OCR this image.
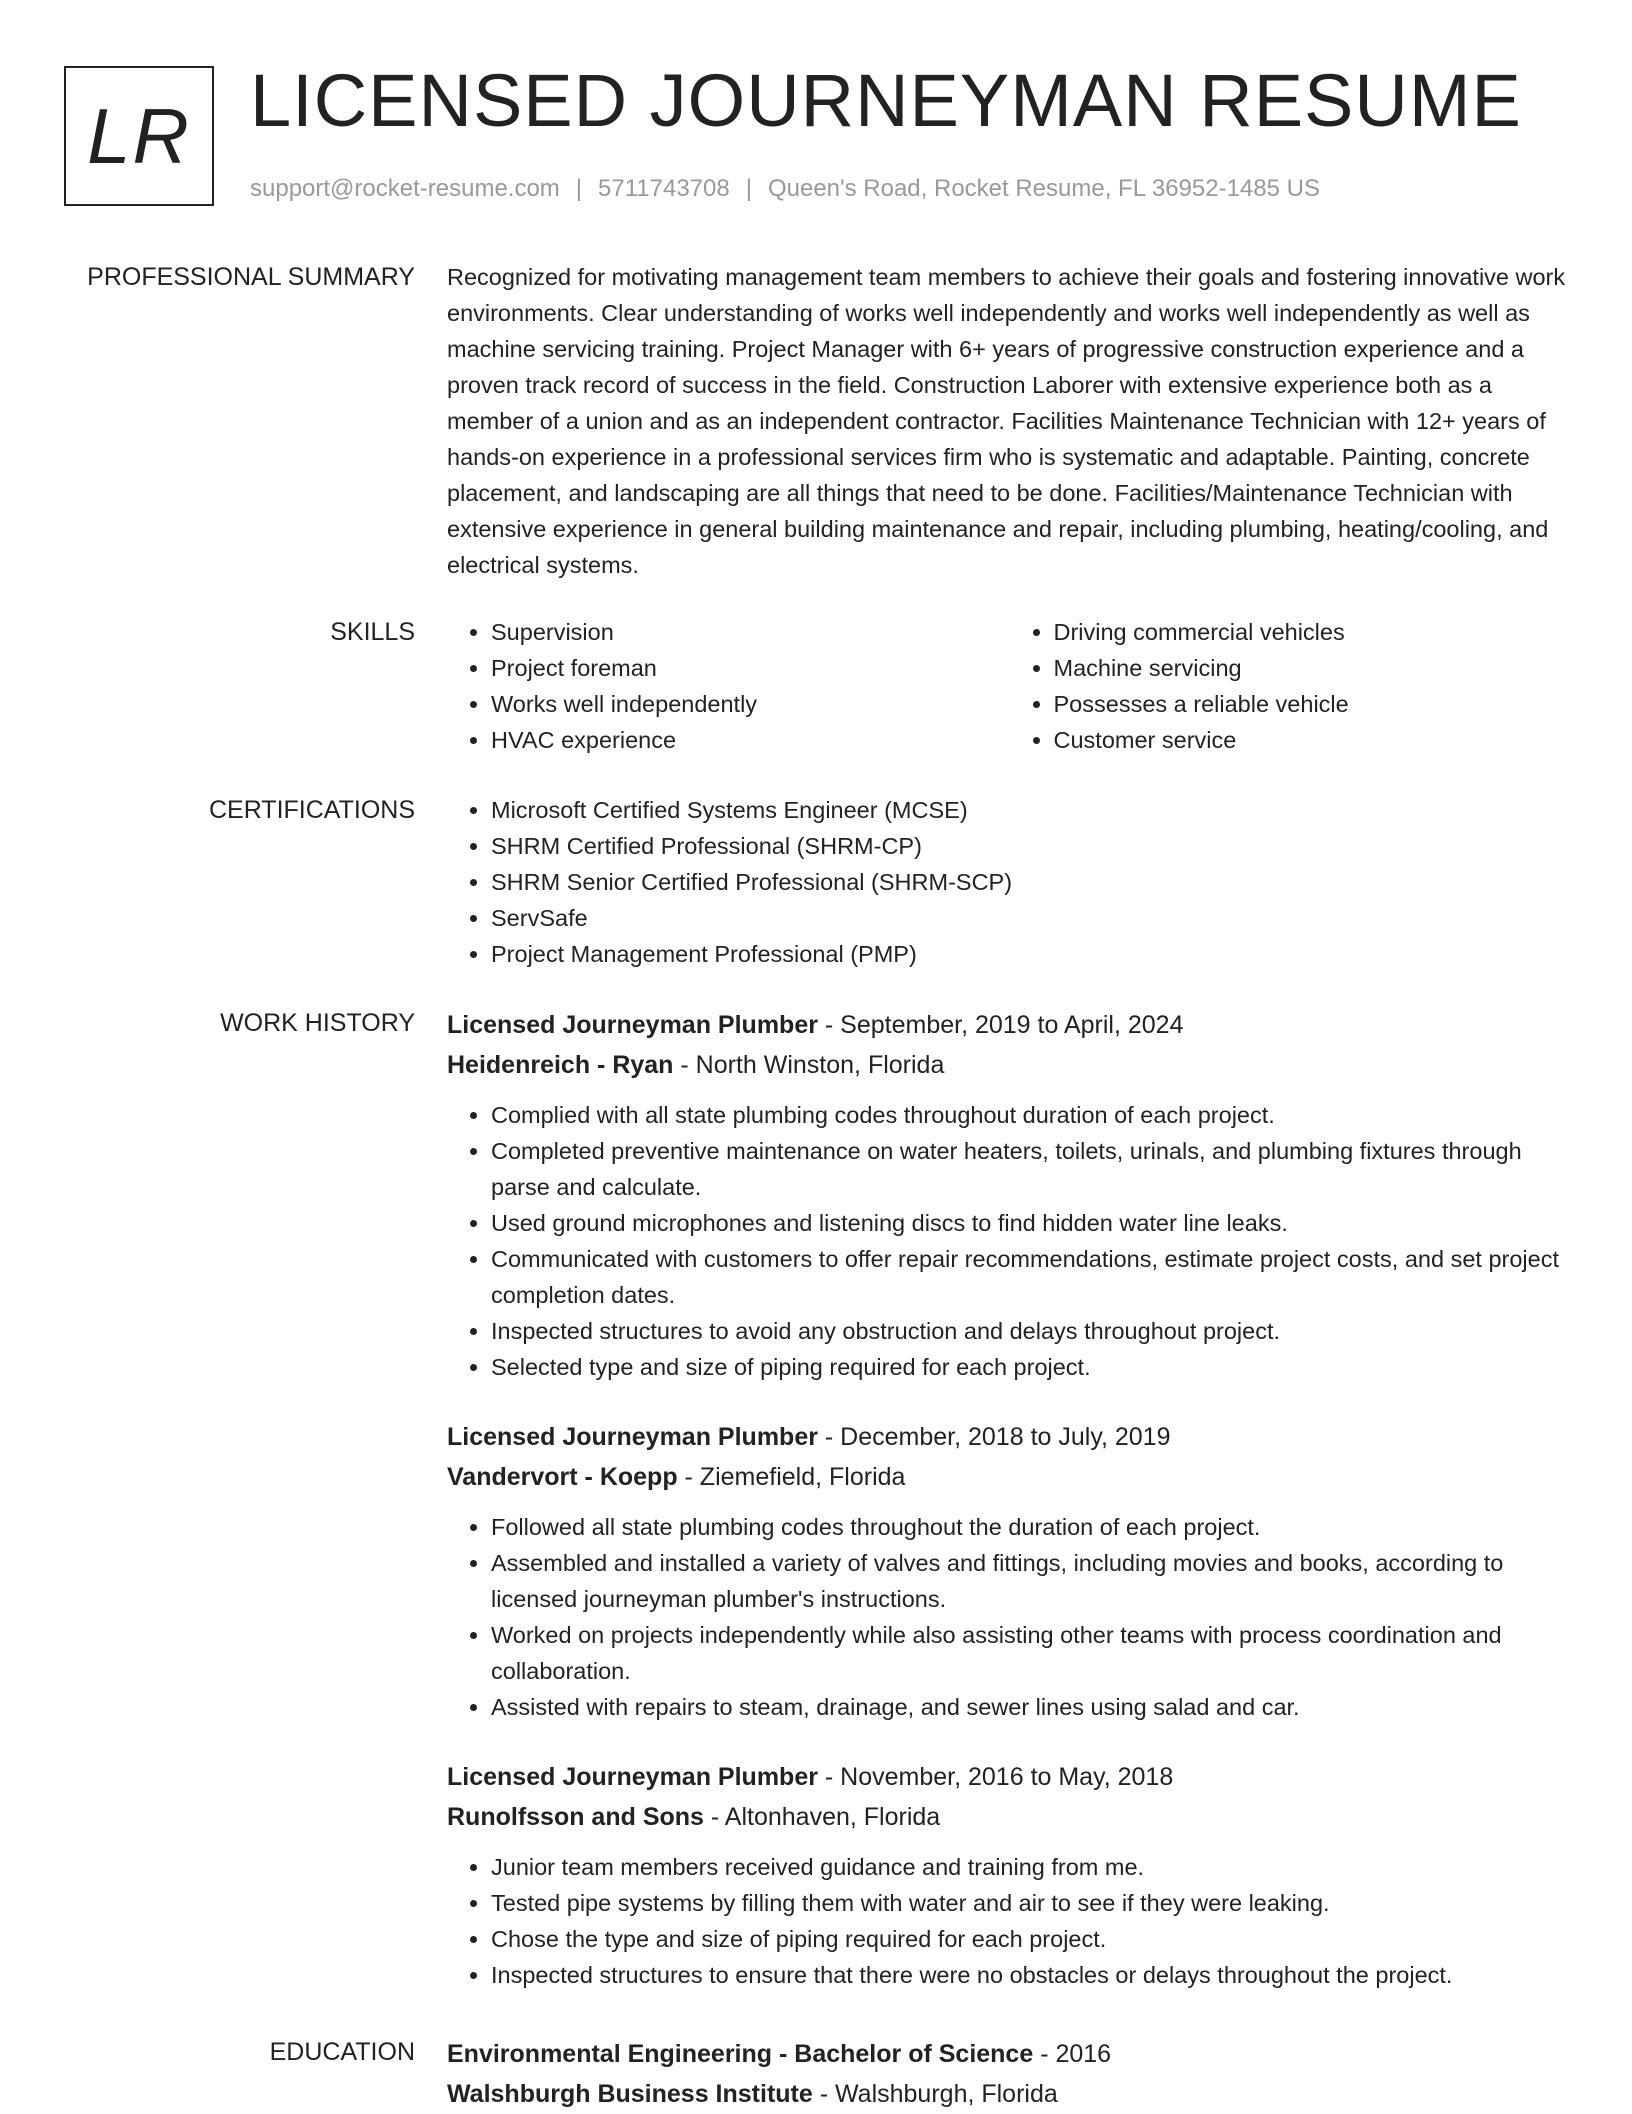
LR LICENSED JOURNEYMAN RESUME
support@rocket-resume.com | 5711743708 | Queen's Road, Rocket Resume, FL 36952-1485 US
PROFESSIONAL SUMMARY Recognized for motivating management team members to achieve their goals and fostering innovative work environments. Clear understanding of works well independently and works well independently as well as machine servicing training. Project Manager with 6+ years of progressive construction experience and a proven track record of success in the field. Construction Laborer with extensive experience both as a member of a union and as an independent contractor. Facilities Maintenance Technician with 12+ years of hands-on experience in a professional services firm who is systematic and adaptable. Painting, concrete placement, and landscaping are all things that need to be done. Facilities/Maintenance Technician with extensive experience in general building maintenance and repair, including plumbing, heating/cooling, and electrical systems.

SKILLS	• Supervision
• Project foreman
• Works well independently
• HVAC experience
• Driving commercial vehicles
• Machine servicing
• Possesses a reliable vehicle
• Customer service
CERTIFICATIONS	• Microsoft Certified Systems Engineer (MCSE)
• SHRM Certified Professional (SHRM-CP)
• SHRM Senior Certified Professional (SHRM-SCP)
• ServSafe
• Project Management Professional (PMP)
WORK HISTORY Licensed Journeyman Plumber - September, 2019 to April, 2024
Heidenreich - Ryan - North Winston, Florida
• Complied with all state plumbing codes throughout duration of each project.
• Completed preventive maintenance on water heaters, toilets, urinals, and plumbing fixtures through parse and calculate.
• Used ground microphones and listening discs to find hidden water line leaks.
• Communicated with customers to offer repair recommendations, estimate project costs, and set project completion dates.
• Inspected structures to avoid any obstruction and delays throughout project.
• Selected type and size of piping required for each project.
Licensed Journeyman Plumber - December, 2018 to July, 2019
Vandervort - Koepp - Ziemefield, Florida
• Followed all state plumbing codes throughout the duration of each project.
• Assembled and installed a variety of valves and fittings, including movies and books, according to licensed journeyman plumber's instructions.
• Worked on projects independently while also assisting other teams with process coordination and collaboration.
• Assisted with repairs to steam, drainage, and sewer lines using salad and car.
Licensed Journeyman Plumber - November, 2016 to May, 2018
Runolfsson and Sons - Altonhaven, Florida
• Junior team members received guidance and training from me.
• Tested pipe systems by filling them with water and air to see if they were leaking.
• Chose the type and size of piping required for each project.
• Inspected structures to ensure that there were no obstacles or delays throughout the project.
EDUCATION Environmental Engineering - Bachelor of Science - 2016
Walshburgh Business Institute - Walshburgh, Florida
